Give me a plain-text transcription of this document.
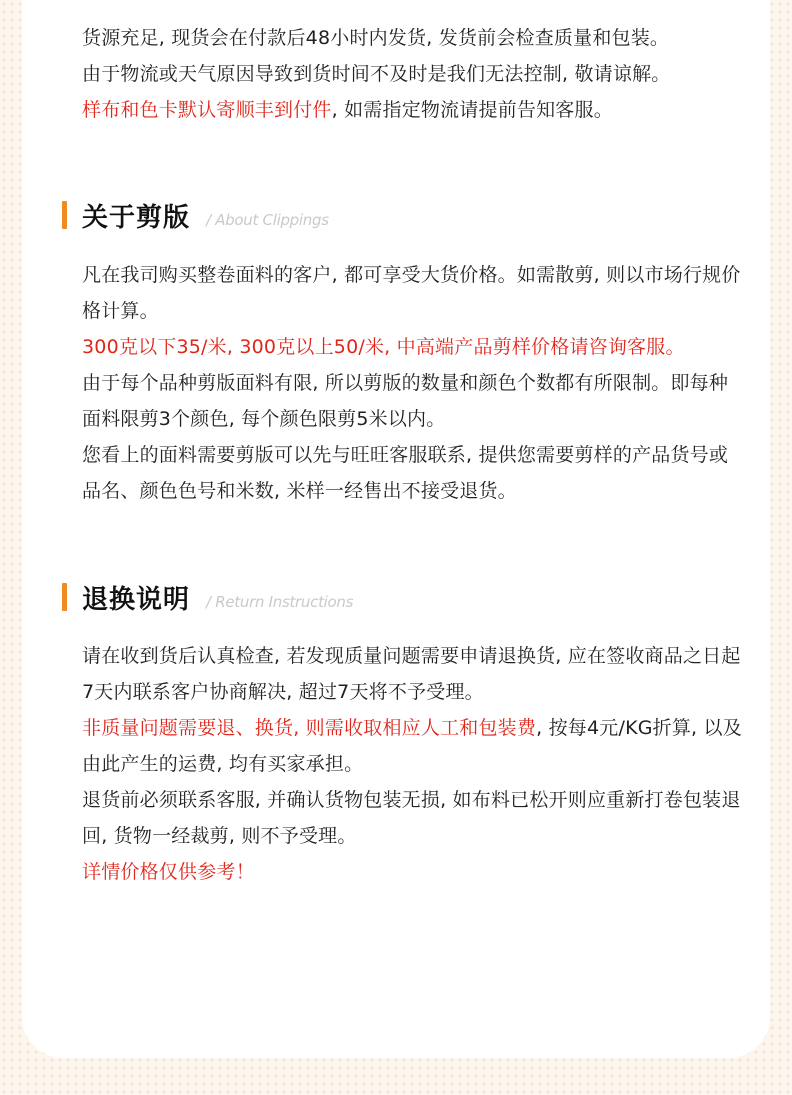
货源充足, 现货会在付款后48小时内发货, 发货前会检查质量和包装。

由于物流或天气原因导致到货时间不及时是我们无法控制, 敬请谅解。

样布和色卡默认寄顺丰到付件, 如需指定物流请提前告知客服。

关于剪版 / About Clippings

凡在我司购买整卷面料的客户, 都可享受大货价格。如需散剪, 则以市场行规价格计算。

300克以下35/米, 300克以上50/米, 中高端产品剪样价格请咨询客服。

由于每个品种剪版面料有限, 所以剪版的数量和颜色个数都有所限制。即每种面料限剪3个颜色, 每个颜色限剪5米以内。

您看上的面料需要剪版可以先与旺旺客服联系, 提供您需要剪样的产品货号或品名、颜色色号和米数, 米样一经售出不接受退货。

退换说明 / Return Instructions

请在收到货后认真检查, 若发现质量问题需要申请退换货, 应在签收商品之日起7天内联系客户协商解决, 超过7天将不予受理。

非质量问题需要退、换货, 则需收取相应人工和包装费, 按每4元/KG折算, 以及由此产生的运费, 均有买家承担。

退货前必须联系客服, 并确认货物包装无损, 如布料已松开则应重新打卷包装退回, 货物一经裁剪, 则不予受理。

详情价格仅供参考！
